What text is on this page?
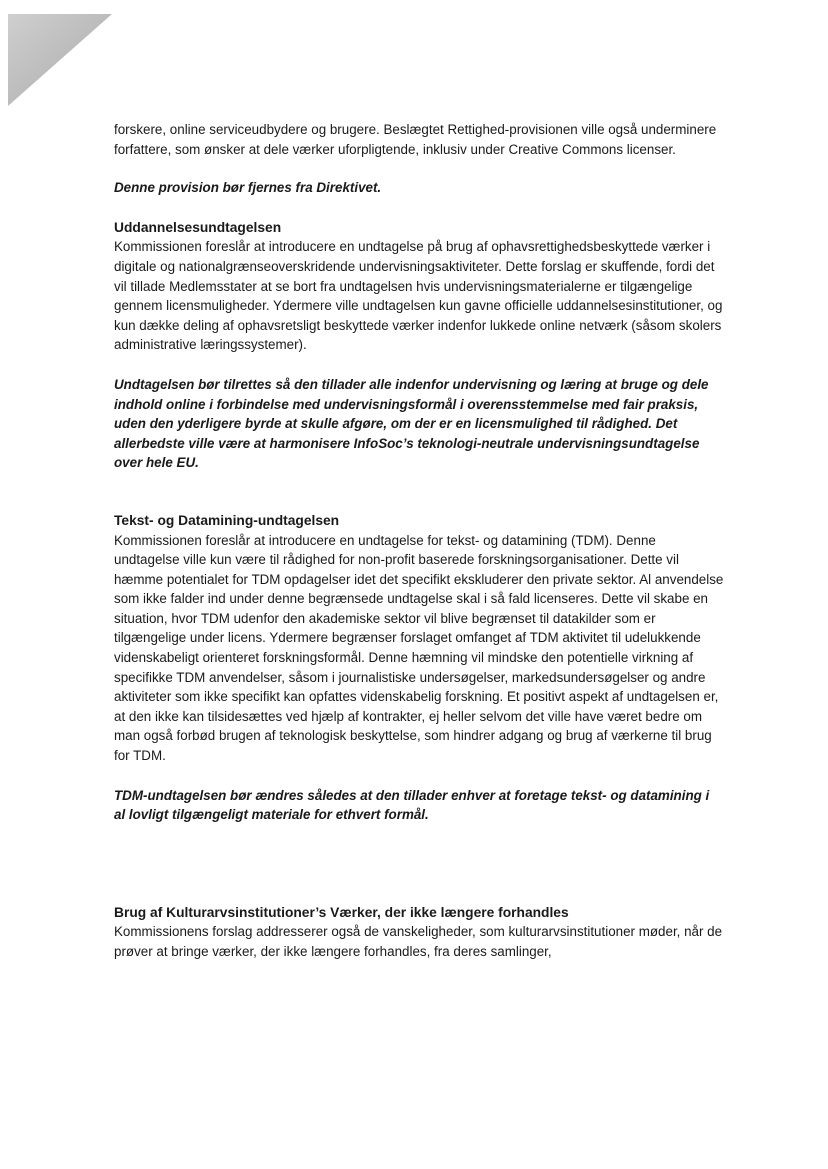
forskere, online serviceudbydere og brugere. Beslægtet Rettighed-provisionen ville også underminere forfattere, som ønsker at dele værker uforpligtende, inklusiv under Creative Commons licenser.

Denne provision bør fjernes fra Direktivet.

Uddannelsesundtagelsen

Kommissionen foreslår at introducere en undtagelse på brug af ophavsrettighedsbeskyttede værker i digitale og nationalgrænseoverskridende undervisningsaktiviteter. Dette forslag er skuffende, fordi det vil tillade Medlemsstater at se bort fra undtagelsen hvis undervisningsmaterialerne er tilgængelige gennem licensmuligheder. Ydermere ville undtagelsen kun gavne officielle uddannelsesinstitutioner, og kun dække deling af ophavsretsligt beskyttede værker indenfor lukkede online netværk (såsom skolers administrative læringssystemer).

Undtagelsen bør tilrettes så den tillader alle indenfor undervisning og læring at bruge og dele indhold online i forbindelse med undervisningsformål i overensstemmelse med fair praksis, uden den yderligere byrde at skulle afgøre, om der er en licensmulighed til rådighed. Det allerbedste ville være at harmonisere InfoSoc’s teknologi-neutrale undervisningsundtagelse over hele EU.

Tekst- og Datamining-undtagelsen

Kommissionen foreslår at introducere en undtagelse for tekst- og datamining (TDM). Denne undtagelse ville kun være til rådighed for non-profit baserede forskningsorganisationer. Dette vil hæmme potentialet for TDM opdagelser idet det specifikt ekskluderer den private sektor. Al anvendelse som ikke falder ind under denne begrænsede undtagelse skal i så fald licenseres. Dette vil skabe en situation, hvor TDM udenfor den akademiske sektor vil blive begrænset til datakilder som er tilgængelige under licens. Ydermere begrænser forslaget omfanget af TDM aktivitet til udelukkende videnskabeligt orienteret forskningsformål. Denne hæmning vil mindske den potentielle virkning af specifikke TDM anvendelser, såsom i journalistiske undersøgelser, markedsundersøgelser og andre aktiviteter som ikke specifikt kan opfattes videnskabelig forskning. Et positivt aspekt af undtagelsen er, at den ikke kan tilsidesættes ved hjælp af kontrakter, ej heller selvom det ville have været bedre om man også forbød brugen af teknologisk beskyttelse, som hindrer adgang og brug af værkerne til brug for TDM.

TDM-undtagelsen bør ændres således at den tillader enhver at foretage tekst- og datamining i al lovligt tilgængeligt materiale for ethvert formål.

Brug af Kulturarvsinstitutioner’s Værker, der ikke længere forhandles

Kommissionens forslag addresserer også de vanskeligheder, som kulturarvsinstitutioner møder, når de prøver at bringe værker, der ikke længere forhandles, fra deres samlinger,
